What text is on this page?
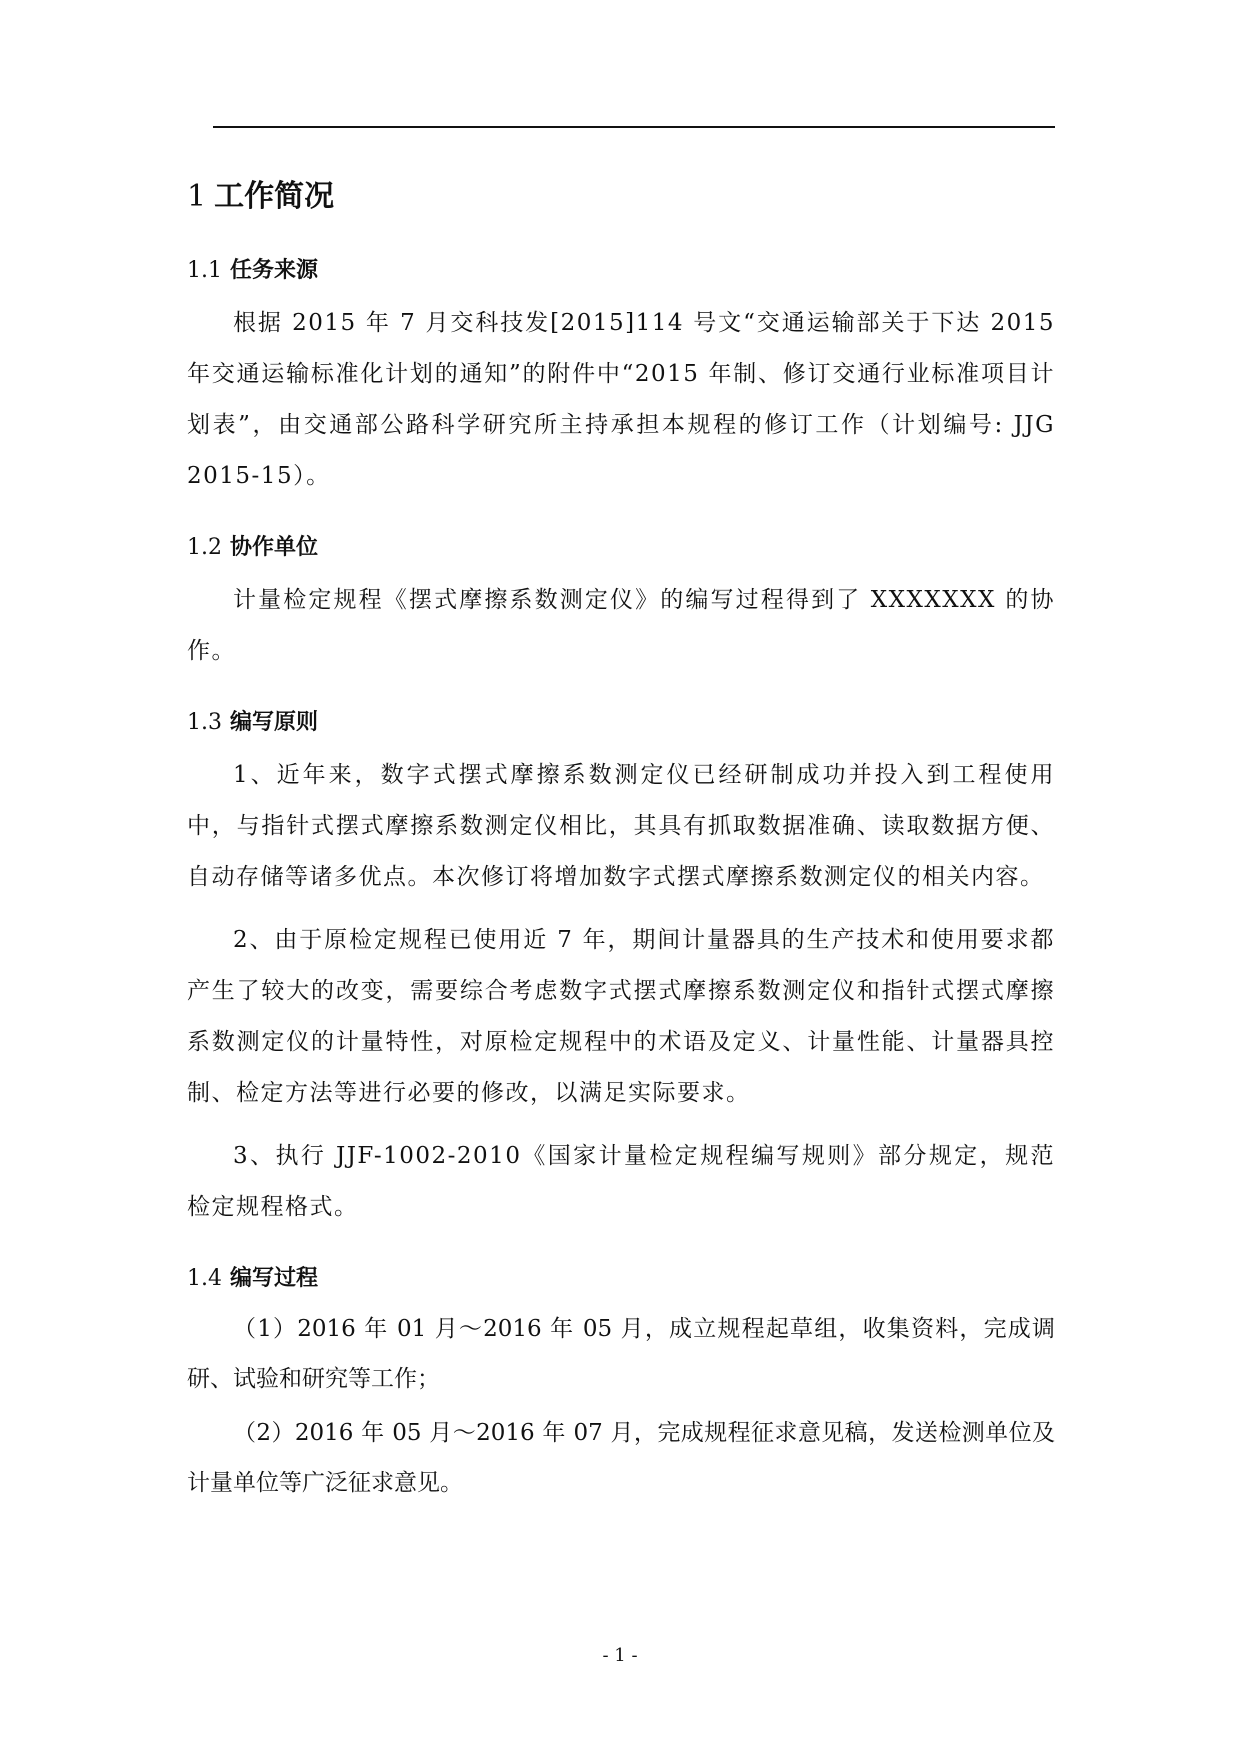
1 工作简况
1.1 任务来源

根据 2015 年 7 月交科技发[2015]114 号文“交通运输部关于下达 2015 年交通运输标准化计划的通知”的附件中“2015 年制、修订交通行业标准项目计划表”，由交通部公路科学研究所主持承担本规程的修订工作（计划编号: JJG 2015-15）。

1.2 协作单位

计量检定规程《摆式摩擦系数测定仪》的编写过程得到了 XXXXXXX 的协作。

1.3 编写原则

1、近年来，数字式摆式摩擦系数测定仪已经研制成功并投入到工程使用中，与指针式摆式摩擦系数测定仪相比，其具有抓取数据准确、读取数据方便、自动存储等诸多优点。本次修订将增加数字式摆式摩擦系数测定仪的相关内容。

2、由于原检定规程已使用近 7 年，期间计量器具的生产技术和使用要求都产生了较大的改变，需要综合考虑数字式摆式摩擦系数测定仪和指针式摆式摩擦系数测定仪的计量特性，对原检定规程中的术语及定义、计量性能、计量器具控制、检定方法等进行必要的修改，以满足实际要求。

3、执行 JJF-1002-2010《国家计量检定规程编写规则》部分规定，规范检定规程格式。

1.4 编写过程

（1）2016 年 01 月～2016 年 05 月，成立规程起草组，收集资料，完成调研、试验和研究等工作；

（2）2016 年 05 月～2016 年 07 月，完成规程征求意见稿，发送检测单位及计量单位等广泛征求意见。

- 1 -
